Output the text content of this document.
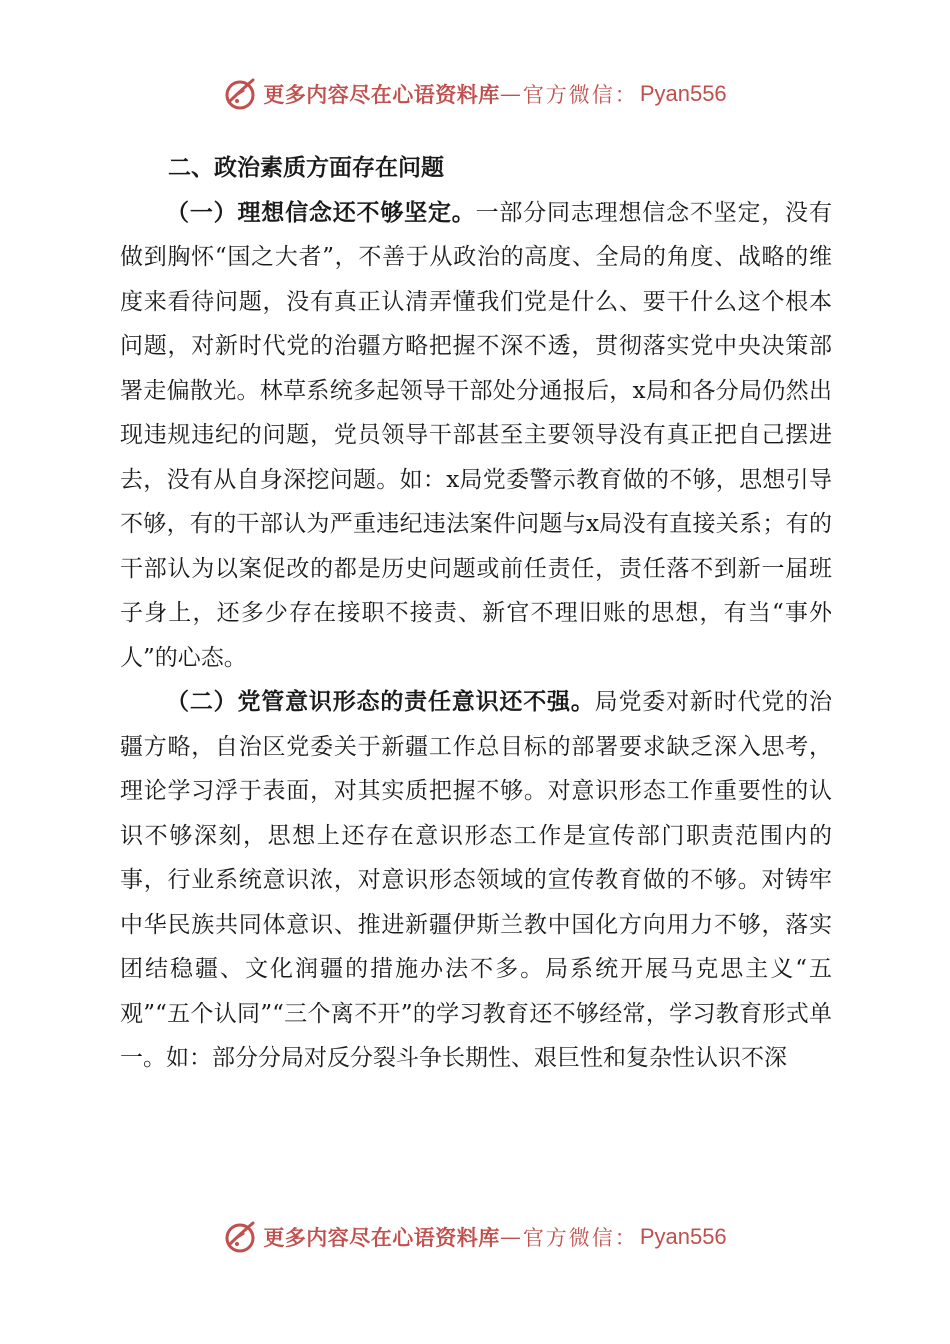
更多内容尽在心语资料库 — 官方微信： Pyan556

二、政治素质方面存在问题

（一）理想信念还不够坚定。一部分同志理想信念不坚定，没有做到胸怀“国之大者”，不善于从政治的高度、全局的角度、战略的维度来看待问题，没有真正认清弄懂我们党是什么、要干什么这个根本问题，对新时代党的治疆方略把握不深不透，贯彻落实党中央决策部署走偏散光。林草系统多起领导干部处分通报后，x局和各分局仍然出现违规违纪的问题，党员领导干部甚至主要领导没有真正把自己摆进去，没有从自身深挖问题。如：x局党委警示教育做的不够，思想引导不够，有的干部认为严重违纪违法案件问题与x局没有直接关系；有的干部认为以案促改的都是历史问题或前任责任，责任落不到新一届班子身上，还多少存在接职不接责、新官不理旧账的思想，有当“事外人”的心态。

（二）党管意识形态的责任意识还不强。局党委对新时代党的治疆方略，自治区党委关于新疆工作总目标的部署要求缺乏深入思考，理论学习浮于表面，对其实质把握不够。对意识形态工作重要性的认识不够深刻，思想上还存在意识形态工作是宣传部门职责范围内的事，行业系统意识浓，对意识形态领域的宣传教育做的不够。对铸牢中华民族共同体意识、推进新疆伊斯兰教中国化方向用力不够，落实团结稳疆、文化润疆的措施办法不多。局系统开展马克思主义“五观”“五个认同”“三个离不开”的学习教育还不够经常，学习教育形式单一。如：部分分局对反分裂斗争长期性、艰巨性和复杂性认识不深

更多内容尽在心语资料库 — 官方微信： Pyan556
